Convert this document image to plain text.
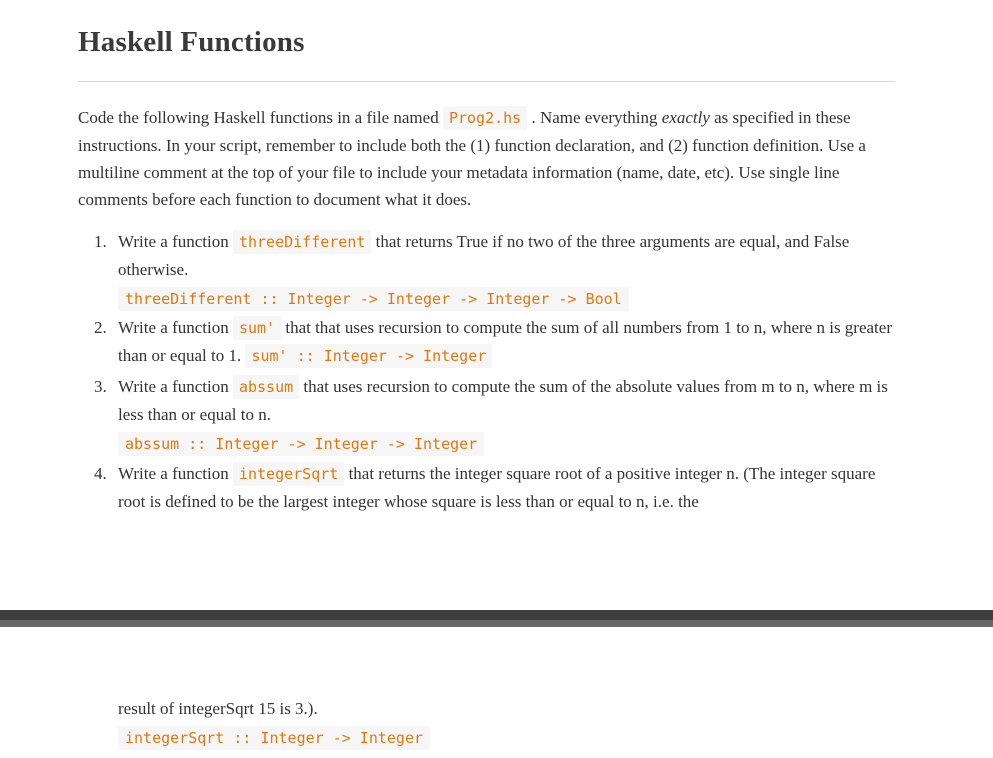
Haskell Functions
Code the following Haskell functions in a file named Prog2.hs . Name everything exactly as specified in these instructions. In your script, remember to include both the (1) function declaration, and (2) function definition. Use a multiline comment at the top of your file to include your metadata information (name, date, etc). Use single line comments before each function to document what it does.
1. Write a function threeDifferent that returns True if no two of the three arguments are equal, and False otherwise.
threeDifferent :: Integer -> Integer -> Integer -> Bool
2. Write a function sum' that that uses recursion to compute the sum of all numbers from 1 to n, where n is greater than or equal to 1. sum' :: Integer -> Integer
3. Write a function abssum that uses recursion to compute the sum of the absolute values from m to n, where m is less than or equal to n.
abssum :: Integer -> Integer -> Integer
4. Write a function integerSqrt that returns the integer square root of a positive integer n. (The integer square root is defined to be the largest integer whose square is less than or equal to n, i.e. the
result of integerSqrt 15 is 3.).
integerSqrt :: Integer -> Integer
